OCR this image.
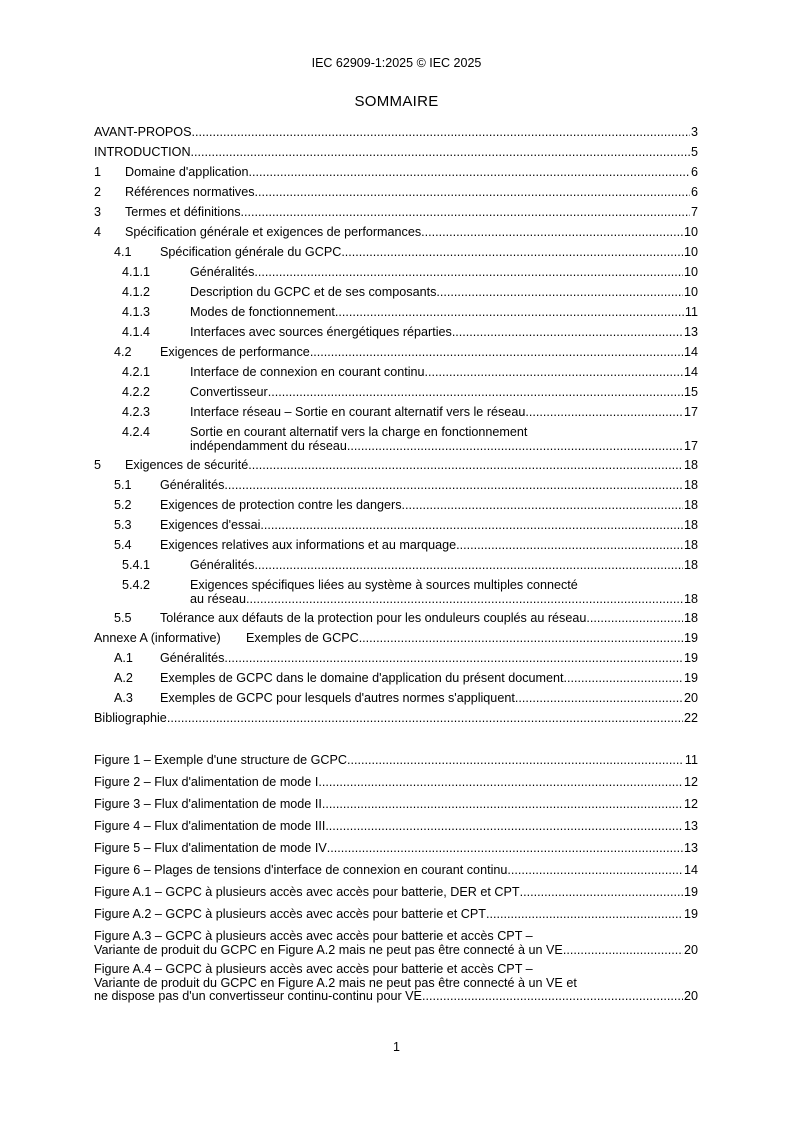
IEC 62909-1:2025 © IEC 2025
SOMMAIRE
AVANT-PROPOS .....	3
INTRODUCTION .....	5
1 Domaine d'application .....	6
2 Références normatives .....	6
3 Termes et définitions .....	7
4 Spécification générale et exigences de performances .....	10
4.1 Spécification générale du GCPC .....	10
4.1.1	Généralités .....	10
4.1.2	Description du GCPC et de ses composants .....	10
4.1.3	Modes de fonctionnement .....	11
4.1.4	Interfaces avec sources énergétiques réparties .....	13
4.2 Exigences de performance .....	14
4.2.1	Interface de connexion en courant continu .....	14
4.2.2	Convertisseur .....	15
4.2.3	Interface réseau – Sortie en courant alternatif vers le réseau .....	17
4.2.4	Sortie en courant alternatif vers la charge en fonctionnement
indépendamment du réseau .....	17
5 Exigences de sécurité .....	18
5.1 Généralités .....	18
5.2 Exigences de protection contre les dangers .....	18
5.3 Exigences d'essai .....	18
5.4 Exigences relatives aux informations et au marquage .....	18
5.4.1	Généralités .....	18
5.4.2	Exigences spécifiques liées au système à sources multiples connecté
au réseau .....	18
5.5 Tolérance aux défauts de la protection pour les onduleurs couplés au réseau .....	18
Annexe A (informative) Exemples de GCPC .....	19
A.1 Généralités .....	19
A.2 Exemples de GCPC dans le domaine d'application du présent document .....	19
A.3 Exemples de GCPC pour lesquels d'autres normes s'appliquent .....	20
Bibliographie .....	22
Figure 1 – Exemple d'une structure de GCPC .....	11
Figure 2 – Flux d'alimentation de mode I .....	12
Figure 3 – Flux d'alimentation de mode II .....	12
Figure 4 – Flux d'alimentation de mode III .....	13
Figure 5 – Flux d'alimentation de mode IV .....	13
Figure 6 – Plages de tensions d'interface de connexion en courant continu .....	14
Figure A.1 – GCPC à plusieurs accès avec accès pour batterie, DER et CPT .....	19
Figure A.2 – GCPC à plusieurs accès avec accès pour batterie et CPT .....	19
Figure A.3 – GCPC à plusieurs accès avec accès pour batterie et accès CPT –
Variante de produit du GCPC en Figure A.2 mais ne peut pas être connecté à un VE .....	20
Figure A.4 – GCPC à plusieurs accès avec accès pour batterie et accès CPT –
Variante de produit du GCPC en Figure A.2 mais ne peut pas être connecté à un VE et
ne dispose pas d'un convertisseur continu-continu pour VE .....	20
1
